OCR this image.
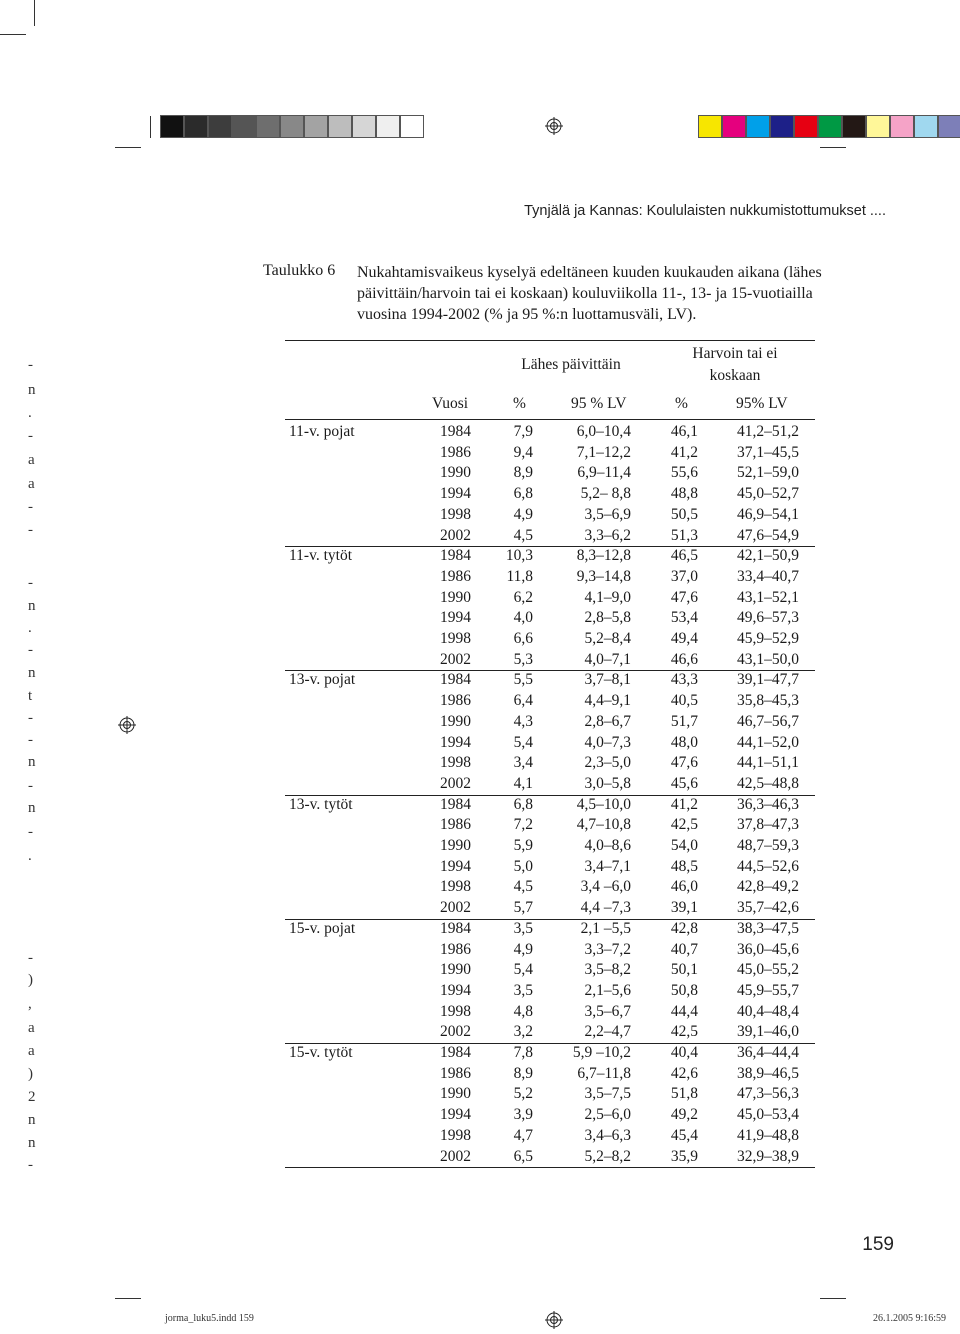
Tynjälä ja Kannas: Koululaisten nukkumistottumukset ....
Taulukko 6 Nukahtamisvaikeus kyselyä edeltäneen kuuden kuukauden aikana (lähes päivittäin/harvoin tai ei koskaan) kouluviikolla 11-, 13- ja 15-vuotiailla vuosina 1994-2002 (% ja 95 %:n luottamusväli, LV).
-
n
.
-
a
a
-
-
-
n
.
-
n
t
-
-
n
-
n
-
.
-
)
,
a
a
)
2
n
n
-
Lähes päivittäin
Harvoin tai ei
koskaan
Vuosi	%	95 % LV	%	95% LV
11-v. pojat	1984	7,9	6,0–10,4	46,1	41,2–51,2
1986	9,4	7,1–12,2	41,2	37,1–45,5
1990	8,9	6,9–11,4	55,6	52,1–59,0
1994	6,8	5,2– 8,8	48,8	45,0–52,7
1998	4,9	3,5–6,9	50,5	46,9–54,1
2002	4,5	3,3–6,2	51,3	47,6–54,9
11-v. tytöt	1984 10,3	8,3–12,8	46,5	42,1–50,9
1986 11,8	9,3–14,8	37,0	33,4–40,7
1990	6,2	4,1–9,0	47,6	43,1–52,1
1994	4,0	2,8–5,8	53,4	49,6–57,3
1998	6,6	5,2–8,4	49,4	45,9–52,9
2002	5,3	4,0–7,1	46,6	43,1–50,0
13-v. pojat	1984	5,5	3,7–8,1	43,3	39,1–47,7
1986	6,4	4,4–9,1	40,5	35,8–45,3
1990	4,3	2,8–6,7	51,7	46,7–56,7
1994	5,4	4,0–7,3	48,0	44,1–52,0
1998	3,4	2,3–5,0	47,6	44,1–51,1
2002	4,1	3,0–5,8	45,6	42,5–48,8
13-v. tytöt	1984	6,8	4,5–10,0	41,2	36,3–46,3
1986	7,2	4,7–10,8	42,5	37,8–47,3
1990	5,9	4,0–8,6	54,0	48,7–59,3
1994	5,0	3,4–7,1	48,5	44,5–52,6
1998	4,5	3,4 –6,0	46,0	42,8–49,2
2002	5,7	4,4 –7,3	39,1	35,7–42,6
15-v. pojat	1984	3,5	2,1 –5,5	42,8	38,3–47,5
1986	4,9	3,3–7,2	40,7	36,0–45,6
1990	5,4	3,5–8,2	50,1	45,0–55,2
1994	3,5	2,1–5,6	50,8	45,9–55,7
1998	4,8	3,5–6,7	44,4	40,4–48,4
2002	3,2	2,2–4,7	42,5	39,1–46,0
15-v. tytöt	1984	7,8	5,9 –10,2	40,4	36,4–44,4
1986	8,9	6,7–11,8	42,6	38,9–46,5
1990	5,2	3,5–7,5	51,8	47,3–56,3
1994	3,9	2,5–6,0	49,2	45,0–53,4
1998	4,7	3,4–6,3	45,4	41,9–48,8
2002	6,5	5,2–8,2	35,9	32,9–38,9
159
jorma_luku5.indd 159	26.1.2005 9:16:59
